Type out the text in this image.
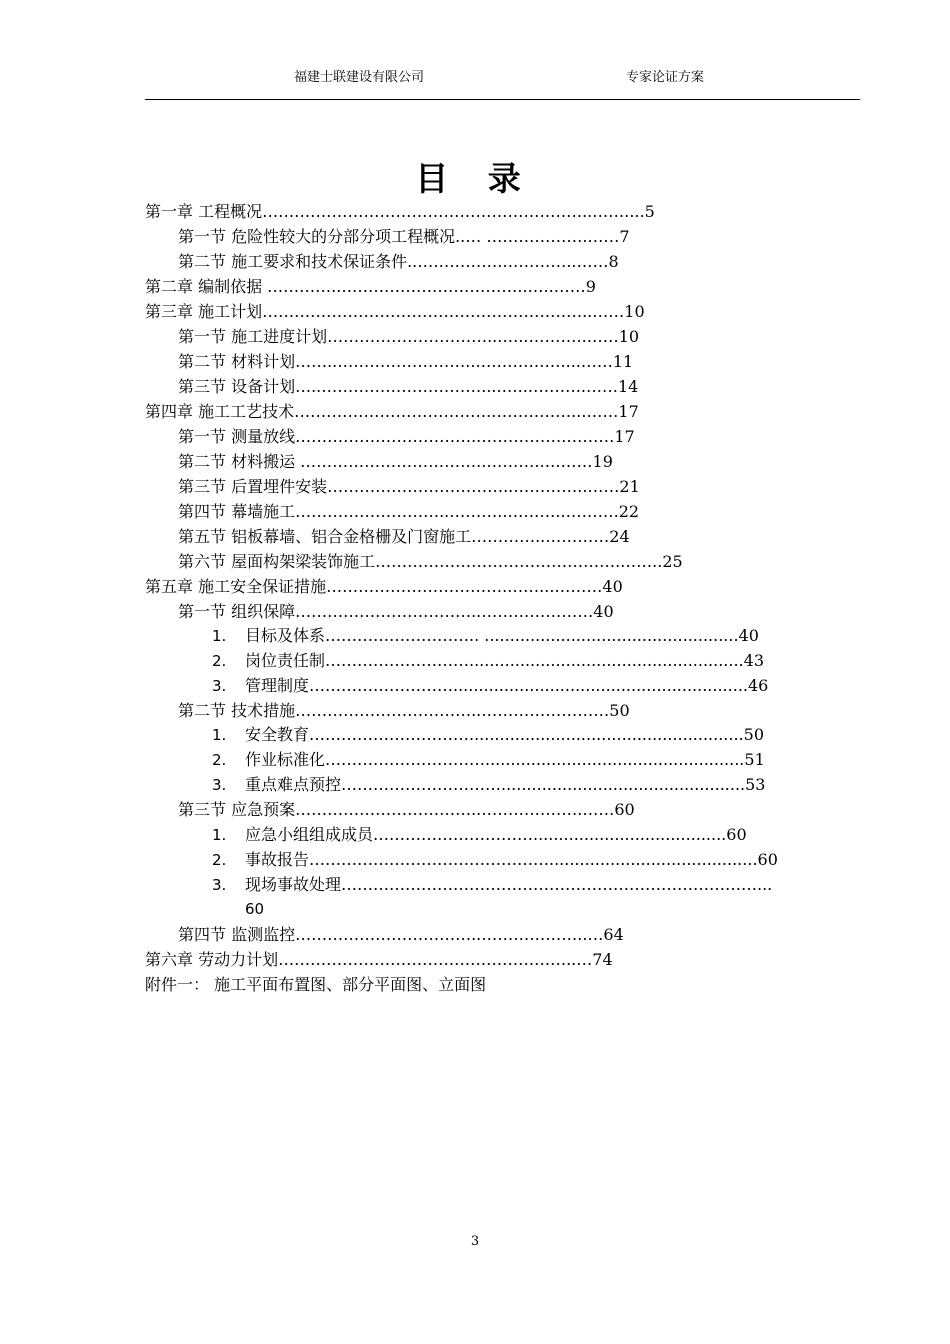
福建士联建设有限公司	专家论证方案
目 录
第一章 工程概况……………………………………………………..……....5
第一节 危险性较大的分部分项工程概况..… ……………….……7
第二节 施工要求和技术保证条件..…………….…………..……8
第二章 编制依据 …………..……………………………..…..……9
第三章 施工计划……………………………………………………..……10
第一节 施工进度计划…………………………...…..………..……10
第二节 材料计划……..……………………..….…………....……11
第三节 设备计划…..…………………………....…..………..……14
第四章 施工工艺技术……………………………….……………...……17
第一节 测量放线……………………………..…………….………17
第二节 材料搬运 ……………………………..……….….……19
第三节 后置埋件安装……………………………..…………..……21
第四节 幕墙施工………………………..………..………..……….22
第五节 铝板幕墙、铝合金格栅及门窗施工…………..…………24
第六节 屋面构架梁装饰施工……………………………………….……..25
第五章 施工安全保证措施…………………………….……...………40
第一节 组织保障……………………………..…………………40
1. 目标及体系……………………….. ..................................................40
2. 岗位责任制………………………......................................................43
3. 管理制度………………………..........................................................46
第二节 技术措施……………………………..……………………50
1. 安全教育…………………………......................................................50
2. 作业标准化…………………………...................................................51
3. 重点难点预控…………………………................................................53
第三节 应急预案……………………………..……………….……60
1. 应急小组组成成员…………………………......................................60
2. 事故报告……………………………………….........................................60
3. 现场事故处理……………………………………………………………………...
60
第四节 监测监控……………………………..………………..…64
第六章 劳动力计划………………………………………………..…74
附件一： 施工平面布置图、部分平面图、立面图
3
